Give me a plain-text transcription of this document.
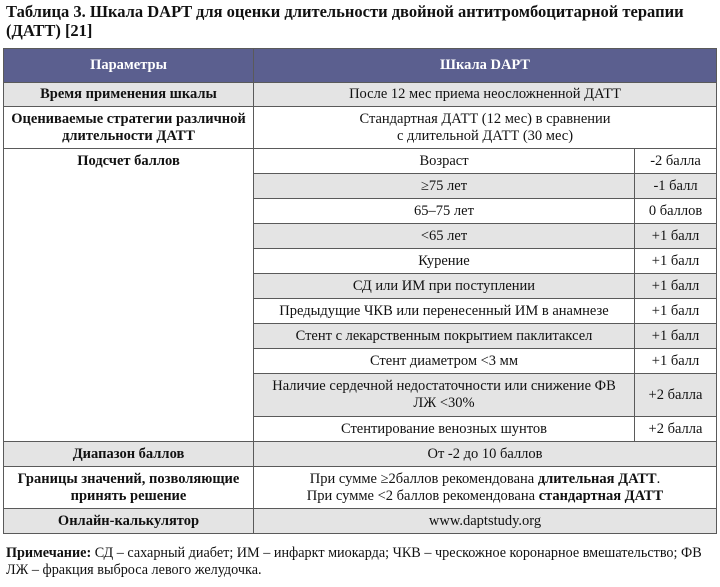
Таблица 3. Шкала DAPT для оценки длительности двойной антитромбоцитарной терапии (ДАТТ) [21]
Параметры	Шкала DAPT	
Время применения шкалы	После 12 мес приема неосложненной ДАТТ	
Оцениваемые стратегии различной длительности ДАТТ	Стандартная ДАТТ (12 мес) в сравнении
с длительной ДАТТ (30 мес)	
Подсчет баллов	Возраст	-2 балла
	≥75 лет	-1 балл
	65–75 лет	0 баллов
	<65 лет	+1 балл
	Курение	+1 балл
	СД или ИМ при поступлении	+1 балл
	Предыдущие ЧКВ или перенесенный ИМ в анамнезе	+1 балл
	Стент с лекарственным покрытием паклитаксел	+1 балл
	Стент диаметром <3 мм	+1 балл
	Наличие сердечной недостаточности или снижение ФВ ЛЖ <30%	+2 балла
	Стентирование венозных шунтов	+2 балла
Диапазон баллов	От -2 до 10 баллов	
Границы значений, позволяющие принять решение	При сумме ≥2баллов рекомендована длительная ДАТТ.
При сумме <2 баллов рекомендована стандартная ДАТТ	
Онлайн-калькулятор	www.daptstudy.org	
Примечание: СД – сахарный диабет; ИМ – инфаркт миокарда; ЧКВ – чрескожное коронарное вмешательство; ФВ ЛЖ – фракция выброса левого желудочка.
